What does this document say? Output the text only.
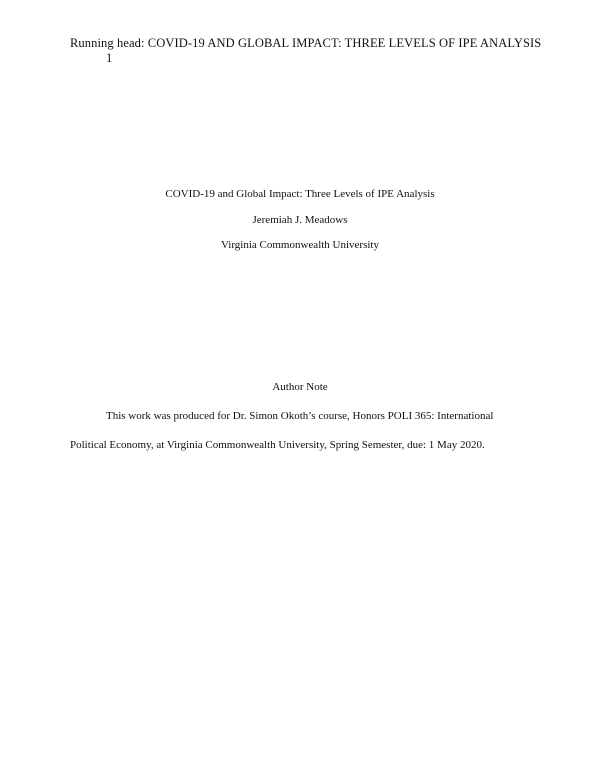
Running head: COVID-19 AND GLOBAL IMPACT: THREE LEVELS OF IPE ANALYSIS
1
COVID-19 and Global Impact: Three Levels of IPE Analysis
Jeremiah J. Meadows
Virginia Commonwealth University
Author Note
This work was produced for Dr. Simon Okoth’s course, Honors POLI 365: International
Political Economy, at Virginia Commonwealth University, Spring Semester, due: 1 May 2020.
